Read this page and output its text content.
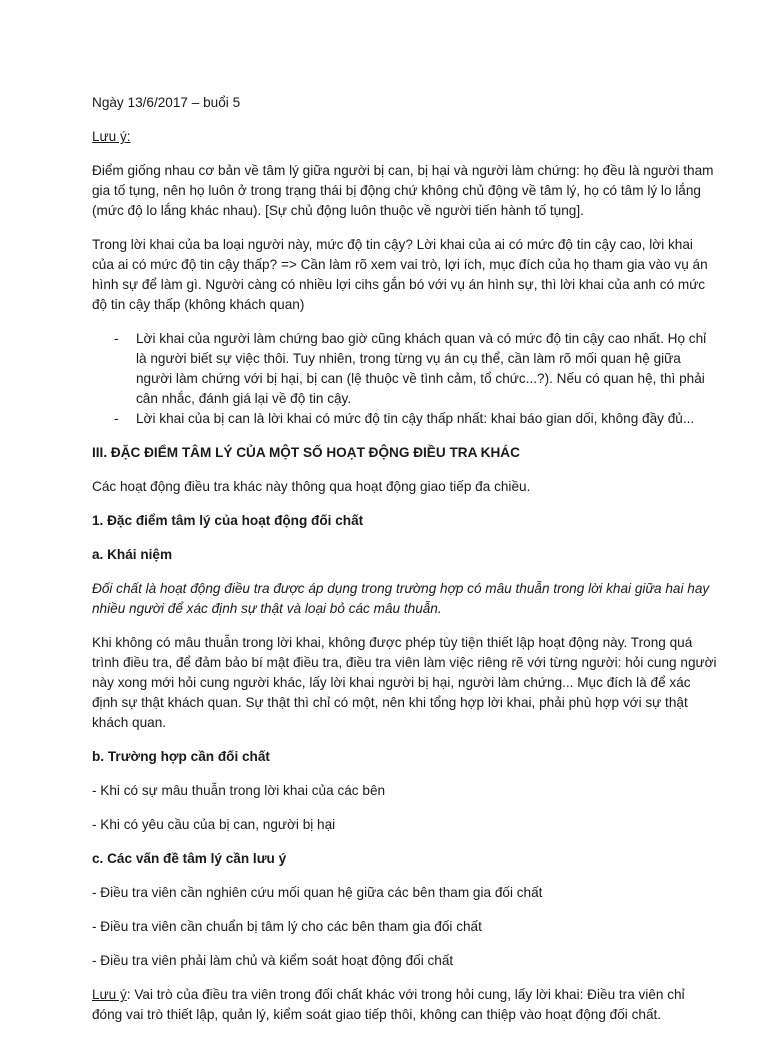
Ngày 13/6/2017 – buổi 5

Lưu ý:

Điểm giống nhau cơ bản về tâm lý giữa người bị can, bị hại và người làm chứng: họ đều là người tham gia tố tụng, nên họ luôn ở trong trạng thái bị động chứ không chủ động về tâm lý, họ có tâm lý lo lắng (mức độ lo lắng khác nhau). [Sự chủ động luôn thuộc về người tiến hành tố tụng].

Trong lời khai của ba loại người này, mức độ tin cậy? Lời khai của ai có mức độ tin cậy cao, lời khai của ai có mức độ tin cậy thấp? => Cần làm rõ xem vai trò, lợi ích, mục đích của họ tham gia vào vụ án hình sự để làm gì. Người càng có nhiều lợi cihs gắn bó với vụ án hình sự, thì lời khai của anh có mức độ tin cậy thấp (không khách quan)

- Lời khai của người làm chứng bao giờ cũng khách quan và có mức độ tin cậy cao nhất. Họ chỉ là người biết sự việc thôi. Tuy nhiên, trong từng vụ án cụ thể, cần làm rõ mối quan hệ giữa người làm chứng với bị hại, bị can (lệ thuộc về tình cảm, tổ chức...?). Nếu có quan hệ, thì phải cân nhắc, đánh giá lại về độ tin cậy.
- Lời khai của bị can là lời khai có mức độ tin cậy thấp nhất: khai báo gian dối, không đầy đủ...

III. ĐẶC ĐIỂM TÂM LÝ CỦA MỘT SỐ HOẠT ĐỘNG ĐIỀU TRA KHÁC

Các hoạt động điều tra khác này thông qua hoạt động giao tiếp đa chiều.

1. Đặc điểm tâm lý của hoạt động đối chất

a. Khái niệm

Đối chất là hoạt động điều tra được áp dụng trong trường hợp có mâu thuẫn trong lời khai giữa hai hay nhiều người để xác định sự thật và loại bỏ các mâu thuẫn.

Khi không có mâu thuẫn trong lời khai, không được phép tùy tiện thiết lập hoạt động này. Trong quá trình điều tra, để đảm bảo bí mật điều tra, điều tra viên làm việc riêng rẽ với từng người: hỏi cung người này xong mới hỏi cung người khác, lấy lời khai người bị hại, người làm chứng... Mục đích là để xác định sự thật khách quan. Sự thật thì chỉ có một, nên khi tổng hợp lời khai, phải phù hợp với sự thật khách quan.

b. Trường hợp cần đối chất

- Khi có sự mâu thuẫn trong lời khai của các bên

- Khi có yêu cầu của bị can, người bị hại

c. Các vấn đề tâm lý cần lưu ý

- Điều tra viên cần nghiên cứu mối quan hệ giữa các bên tham gia đối chất

- Điều tra viên cần chuẩn bị tâm lý cho các bên tham gia đối chất

- Điều tra viên phải làm chủ và kiểm soát hoạt động đối chất

Lưu ý: Vai trò của điều tra viên trong đối chất khác với trong hỏi cung, lấy lời khai: Điều tra viên chỉ đóng vai trò thiết lập, quản lý, kiểm soát giao tiếp thôi, không can thiệp vào hoạt động đối chất.
